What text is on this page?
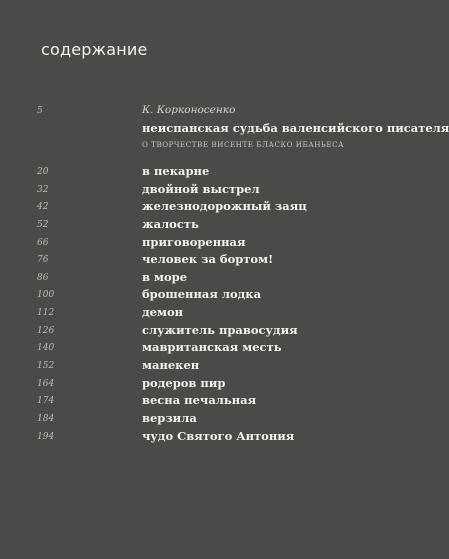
содержание
5	К. Корконосенко
неиспанская судьба валенсийского писателя
О ТВОРЧЕСТВЕ ВИСЕНТЕ БЛАСКО ИБАНЬЕСА
20	в пекарне
32	двойной выстрел
42	железнодорожный заяц
52	жалость
66	приговоренная
76	человек за бортом!
86	в море
100	брошенная лодка
112	демон
126	служитель правосудия
140	мавританская месть
152	манекен
164	родеров пир
174	весна печальная
184	верзила
194	чудо Святого Антония
